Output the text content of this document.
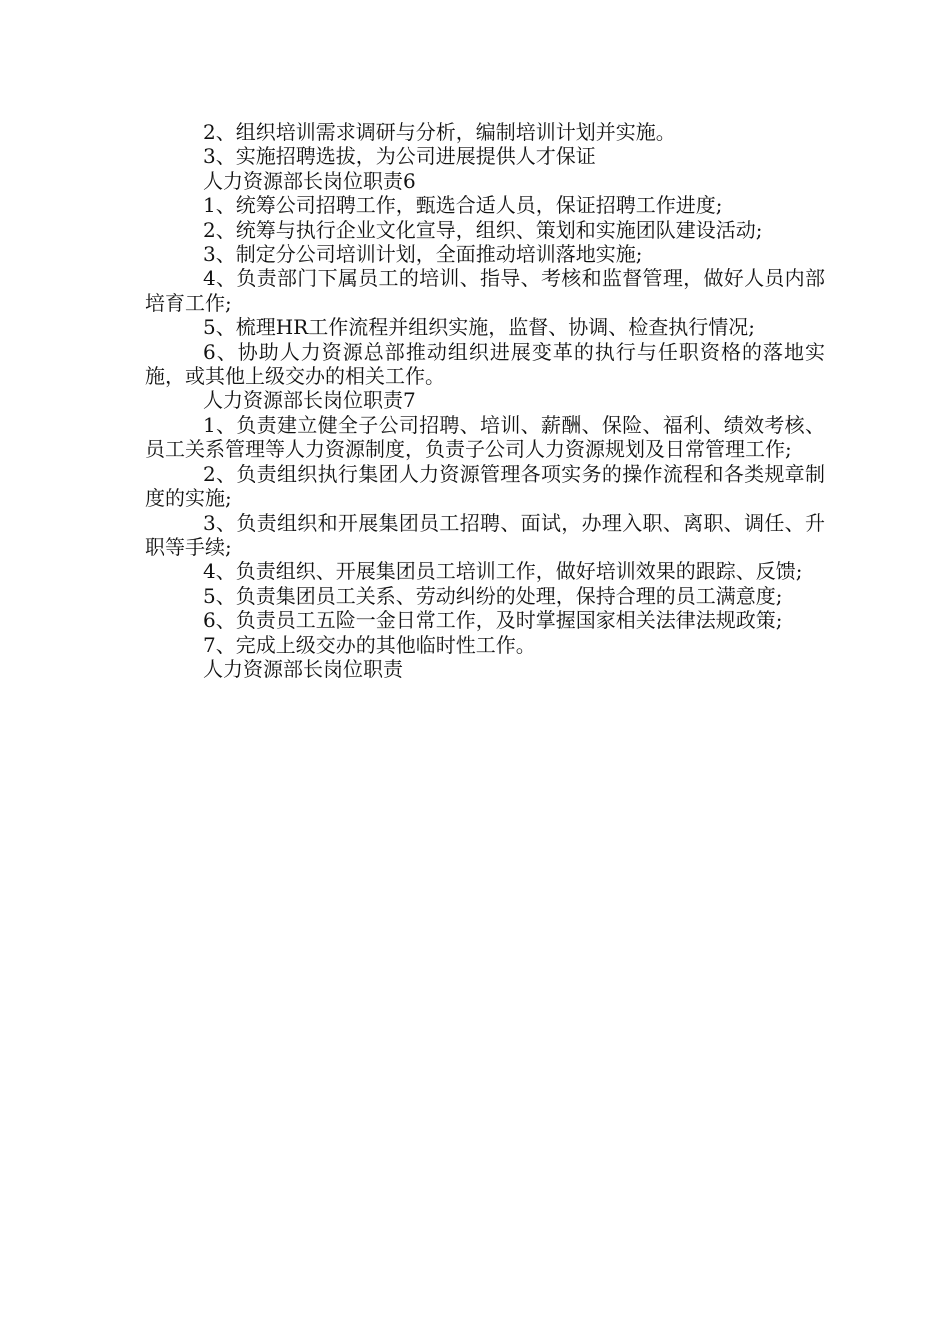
2、组织培训需求调研与分析，编制培训计划并实施。

3、实施招聘选拔，为公司进展提供人才保证

人力资源部长岗位职责6

1、统筹公司招聘工作，甄选合适人员，保证招聘工作进度;

2、统筹与执行企业文化宣导，组织、策划和实施团队建设活动;

3、制定分公司培训计划，全面推动培训落地实施;

4、负责部门下属员工的培训、指导、考核和监督管理，做好人员内部培育工作;

5、梳理HR工作流程并组织实施，监督、协调、检查执行情况;

6、协助人力资源总部推动组织进展变革的执行与任职资格的落地实施，或其他上级交办的相关工作。

人力资源部长岗位职责7

1、负责建立健全子公司招聘、培训、薪酬、保险、福利、绩效考核、员工关系管理等人力资源制度，负责子公司人力资源规划及日常管理工作;

2、负责组织执行集团人力资源管理各项实务的操作流程和各类规章制度的实施;

3、负责组织和开展集团员工招聘、面试，办理入职、离职、调任、升职等手续;

4、负责组织、开展集团员工培训工作，做好培训效果的跟踪、反馈;

5、负责集团员工关系、劳动纠纷的处理，保持合理的员工满意度;

6、负责员工五险一金日常工作，及时掌握国家相关法律法规政策;

7、完成上级交办的其他临时性工作。

人力资源部长岗位职责
